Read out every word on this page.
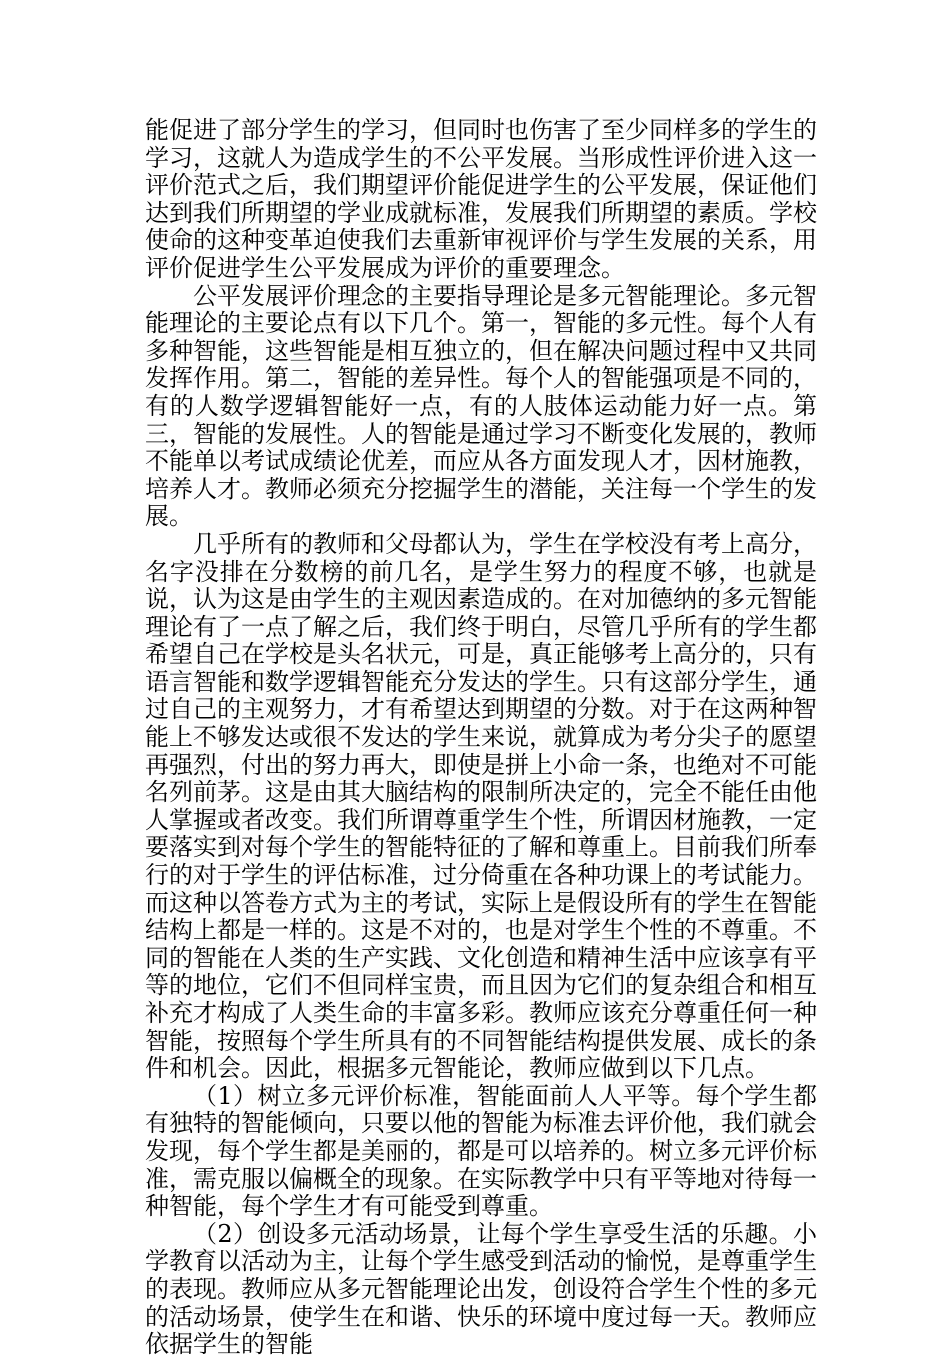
能促进了部分学生的学习，但同时也伤害了至少同样多的学生的学习，这就人为造成学生的不公平发展。当形成性评价进入这一评价范式之后，我们期望评价能促进学生的公平发展，保证他们达到我们所期望的学业成就标准，发展我们所期望的素质。学校使命的这种变革迫使我们去重新审视评价与学生发展的关系，用评价促进学生公平发展成为评价的重要理念。

公平发展评价理念的主要指导理论是多元智能理论。多元智能理论的主要论点有以下几个。第一，智能的多元性。每个人有多种智能，这些智能是相互独立的，但在解决问题过程中又共同发挥作用。第二，智能的差异性。每个人的智能强项是不同的，有的人数学逻辑智能好一点，有的人肢体运动能力好一点。第三，智能的发展性。人的智能是通过学习不断变化发展的，教师不能单以考试成绩论优差，而应从各方面发现人才，因材施教，培养人才。教师必须充分挖掘学生的潜能，关注每一个学生的发展。

几乎所有的教师和父母都认为，学生在学校没有考上高分，名字没排在分数榜的前几名，是学生努力的程度不够，也就是说，认为这是由学生的主观因素造成的。在对加德纳的多元智能理论有了一点了解之后，我们终于明白，尽管几乎所有的学生都希望自己在学校是头名状元，可是，真正能够考上高分的，只有语言智能和数学逻辑智能充分发达的学生。只有这部分学生，通过自己的主观努力，才有希望达到期望的分数。对于在这两种智能上不够发达或很不发达的学生来说，就算成为考分尖子的愿望再强烈，付出的努力再大，即使是拼上小命一条，也绝对不可能名列前茅。这是由其大脑结构的限制所决定的，完全不能任由他人掌握或者改变。我们所谓尊重学生个性，所谓因材施教，一定要落实到对每个学生的智能特征的了解和尊重上。目前我们所奉行的对于学生的评估标准，过分倚重在各种功课上的考试能力。而这种以答卷方式为主的考试，实际上是假设所有的学生在智能结构上都是一样的。这是不对的，也是对学生个性的不尊重。不同的智能在人类的生产实践、文化创造和精神生活中应该享有平等的地位，它们不但同样宝贵，而且因为它们的复杂组合和相互补充才构成了人类生命的丰富多彩。教师应该充分尊重任何一种智能，按照每个学生所具有的不同智能结构提供发展、成长的条件和机会。因此，根据多元智能论，教师应做到以下几点。

（1）树立多元评价标准，智能面前人人平等。每个学生都有独特的智能倾向，只要以他的智能为标准去评价他，我们就会发现，每个学生都是美丽的，都是可以培养的。树立多元评价标准，需克服以偏概全的现象。在实际教学中只有平等地对待每一种智能，每个学生才有可能受到尊重。

（2）创设多元活动场景，让每个学生享受生活的乐趣。小学教育以活动为主，让每个学生感受到活动的愉悦，是尊重学生的表现。教师应从多元智能理论出发，创设符合学生个性的多元的活动场景，使学生在和谐、快乐的环境中度过每一天。教师应依据学生的智能
